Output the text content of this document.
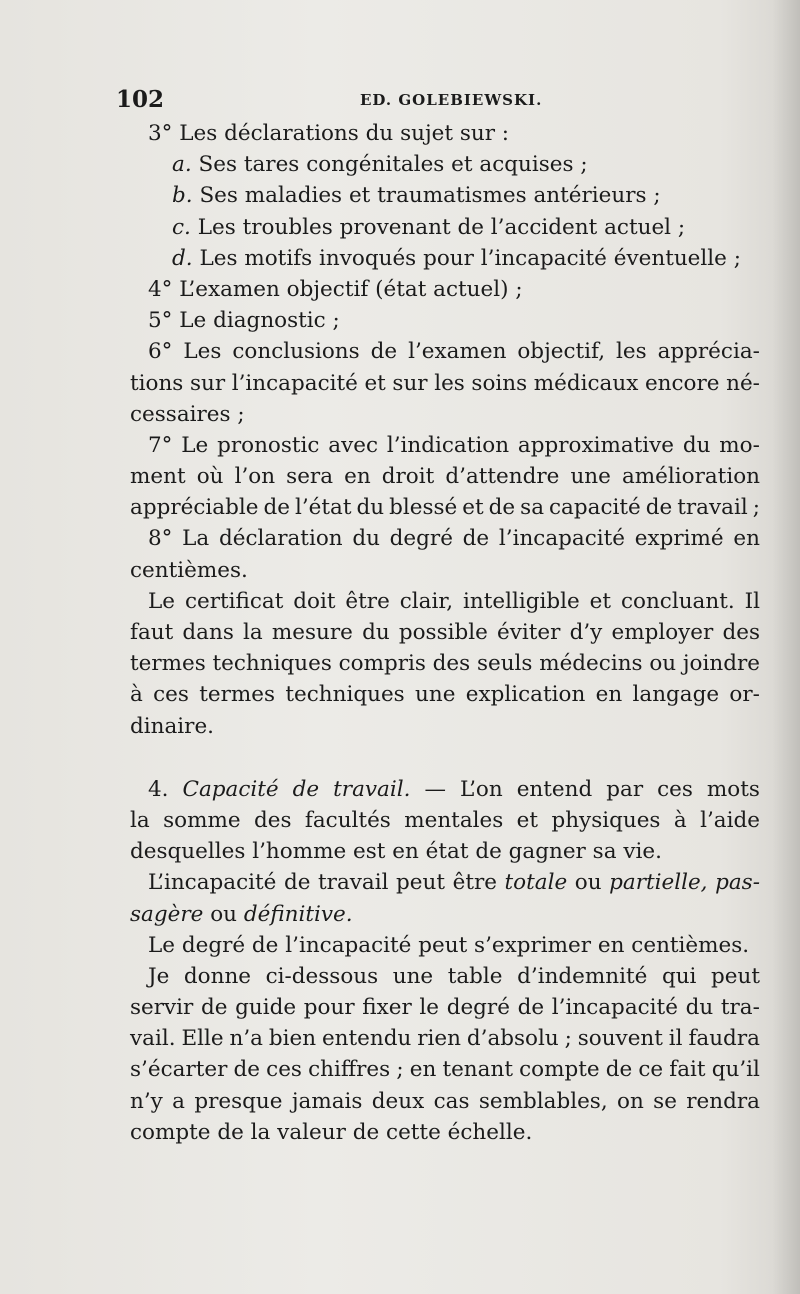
102	ED. GOLEBIEWSKI.
3° Les déclarations du sujet sur :
a. Ses tares congénitales et acquises ;
b. Ses maladies et traumatismes antérieurs ;
c. Les troubles provenant de l’accident actuel ;
d. Les motifs invoqués pour l’incapacité éventuelle ;
4° L’examen objectif (état actuel) ;
5° Le diagnostic ;
6° Les conclusions de l’examen objectif, les apprécia-
tions sur l’incapacité et sur les soins médicaux encore né-
cessaires ;
7° Le pronostic avec l’indication approximative du mo-
ment où l’on sera en droit d’attendre une amélioration
appréciable de l’état du blessé et de sa capacité de travail ;
8° La déclaration du degré de l’incapacité exprimé en
centièmes.
Le certificat doit être clair, intelligible et concluant. Il
faut dans la mesure du possible éviter d’y employer des
termes techniques compris des seuls médecins ou joindre
à ces termes techniques une explication en langage or-
dinaire.
4. Capacité de travail. — L’on entend par ces mots
la somme des facultés mentales et physiques à l’aide
desquelles l’homme est en état de gagner sa vie.
L’incapacité de travail peut être totale ou partielle, pas-
sagère ou définitive.
Le degré de l’incapacité peut s’exprimer en centièmes.
Je donne ci-dessous une table d’indemnité qui peut
servir de guide pour fixer le degré de l’incapacité du tra-
vail. Elle n’a bien entendu rien d’absolu ; souvent il faudra
s’écarter de ces chiffres ; en tenant compte de ce fait qu’il
n’y a presque jamais deux cas semblables, on se rendra
compte de la valeur de cette échelle.
